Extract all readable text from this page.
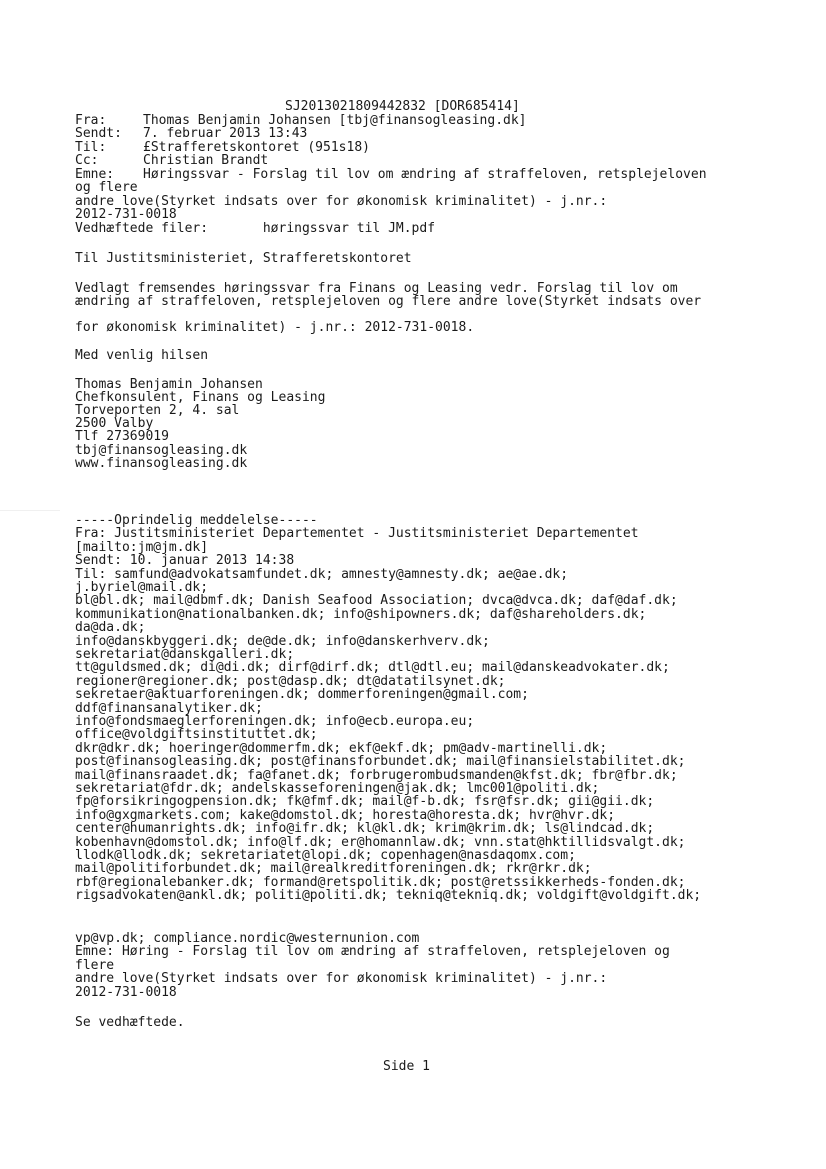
SJ2013021809442832 [DOR685414]
Fra:	Thomas Benjamin Johansen [tbj@finansogleasing.dk]
Sendt: 7. februar 2013 13:43
Til:	£Strafferetskontoret (951s18)
Cc:	Christian Brandt
Emne: Høringssvar - Forslag til lov om ændring af straffeloven, retsplejeloven
og flere
andre love(Styrket indsats over for økonomisk kriminalitet) - j.nr.:
2012-731-0018
Vedhæftede filer:       høringssvar til JM.pdf
Til Justitsministeriet, Strafferetskontoret
Vedlagt fremsendes høringssvar fra Finans og Leasing vedr. Forslag til lov om
ændring af straffeloven, retsplejeloven og flere andre love(Styrket indsats over
for økonomisk kriminalitet) - j.nr.: 2012-731-0018.
Med venlig hilsen
Thomas Benjamin Johansen
Chefkonsulent, Finans og Leasing
Torveporten 2, 4. sal
2500 Valby
Tlf 27369019
tbj@finansogleasing.dk
www.finansogleasing.dk
-----Oprindelig meddelelse-----
Fra: Justitsministeriet Departementet - Justitsministeriet Departementet
[mailto:jm@jm.dk]
Sendt: 10. januar 2013 14:38
Til: samfund@advokatsamfundet.dk; amnesty@amnesty.dk; ae@ae.dk;
j.byriel@mail.dk;
bl@bl.dk; mail@dbmf.dk; Danish Seafood Association; dvca@dvca.dk; daf@daf.dk;
kommunikation@nationalbanken.dk; info@shipowners.dk; daf@shareholders.dk;
da@da.dk;
info@danskbyggeri.dk; de@de.dk; info@danskerhverv.dk;
sekretariat@danskgalleri.dk;
tt@guldsmed.dk; di@di.dk; dirf@dirf.dk; dtl@dtl.eu; mail@danskeadvokater.dk;
regioner@regioner.dk; post@dasp.dk; dt@datatilsynet.dk;
sekretaer@aktuarforeningen.dk; dommerforeningen@gmail.com;
ddf@finansanalytiker.dk;
info@fondsmaeglerforeningen.dk; info@ecb.europa.eu;
office@voldgiftsinstituttet.dk;
dkr@dkr.dk; hoeringer@dommerfm.dk; ekf@ekf.dk; pm@adv-martinelli.dk;
post@finansogleasing.dk; post@finansforbundet.dk; mail@finansielstabilitet.dk;
mail@finansraadet.dk; fa@fanet.dk; forbrugerombudsmanden@kfst.dk; fbr@fbr.dk;
sekretariat@fdr.dk; andelskasseforeningen@jak.dk; lmc001@politi.dk;
fp@forsikringogpension.dk; fk@fmf.dk; mail@f-b.dk; fsr@fsr.dk; gii@gii.dk;
info@gxgmarkets.com; kake@domstol.dk; horesta@horesta.dk; hvr@hvr.dk;
center@humanrights.dk; info@ifr.dk; kl@kl.dk; krim@krim.dk; ls@lindcad.dk;
kobenhavn@domstol.dk; info@lf.dk; er@homannlaw.dk; vnn.stat@hktillidsvalgt.dk;
llodk@llodk.dk; sekretariatet@lopi.dk; copenhagen@nasdaqomx.com;
mail@politiforbundet.dk; mail@realkreditforeningen.dk; rkr@rkr.dk;
rbf@regionalebanker.dk; formand@retspolitik.dk; post@retssikkerheds-fonden.dk;
rigsadvokaten@ankl.dk; politi@politi.dk; tekniq@tekniq.dk; voldgift@voldgift.dk;
vp@vp.dk; compliance.nordic@westernunion.com
Emne: Høring - Forslag til lov om ændring af straffeloven, retsplejeloven og
flere
andre love(Styrket indsats over for økonomisk kriminalitet) - j.nr.:
2012-731-0018
Se vedhæftede.
Side 1
